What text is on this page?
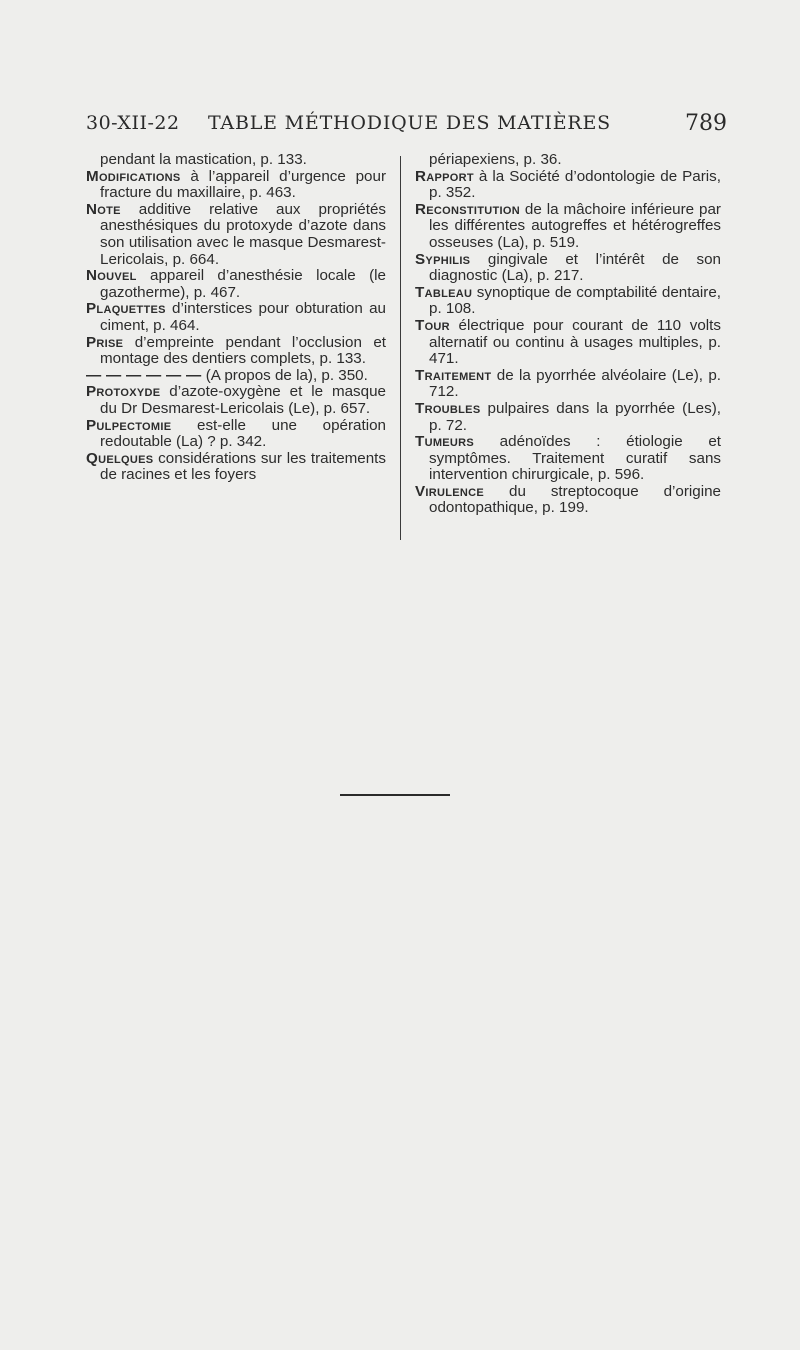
30-XII-22 TABLE MÉTHODIQUE DES MATIÈRES	789

pendant la mastication, p. 133.

Modifications à l’appareil d’urgence pour fracture du maxillaire, p. 463.

Note additive relative aux propriétés anesthésiques du protoxyde d’azote dans son utilisation avec le masque Desmarest-Lericolais, p. 664.

Nouvel appareil d’anesthésie locale (le gazotherme), p. 467.

Plaquettes d’interstices pour obturation au ciment, p. 464.

Prise d’empreinte pendant l’occlusion et montage des dentiers complets, p. 133.

— — — — — — (A propos de la), p. 350.

Protoxyde d’azote-oxygène et le masque du Dr Desmarest-Lericolais (Le), p. 657.

Pulpectomie est-elle une opération redoutable (La) ? p. 342.

Quelques considérations sur les traitements de racines et les foyers

périapexiens, p. 36.

Rapport à la Société d’odontologie de Paris, p. 352.

Reconstitution de la mâchoire inférieure par les différentes autogreffes et hétérogreffes osseuses (La), p. 519.

Syphilis gingivale et l’intérêt de son diagnostic (La), p. 217.

Tableau synoptique de comptabilité dentaire, p. 108.

Tour électrique pour courant de 110 volts alternatif ou continu à usages multiples, p. 471.

Traitement de la pyorrhée alvéolaire (Le), p. 712.

Troubles pulpaires dans la pyorrhée (Les), p. 72.

Tumeurs adénoïdes : étiologie et symptômes. Traitement curatif sans intervention chirurgicale, p. 596.

Virulence du streptocoque d’origine odontopathique, p. 199.
